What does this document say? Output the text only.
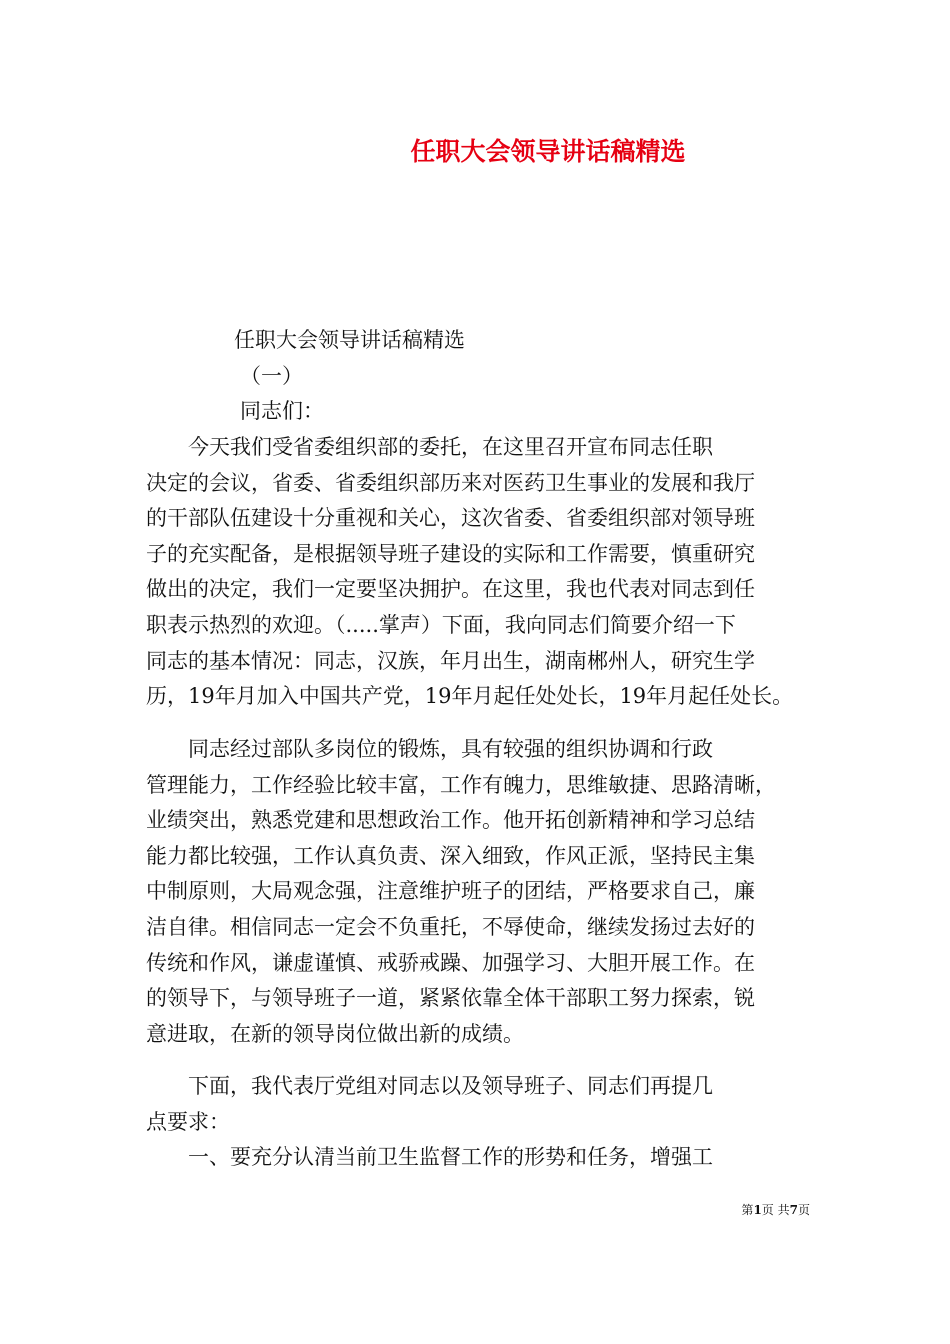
任职大会领导讲话稿精选
任职大会领导讲话稿精选
（一）
同志们：
　　今天我们受省委组织部的委托，在这里召开宣布同志任职
决定的会议，省委、省委组织部历来对医药卫生事业的发展和我厅
的干部队伍建设十分重视和关心，这次省委、省委组织部对领导班
子的充实配备，是根据领导班子建设的实际和工作需要，慎重研究
做出的决定，我们一定要坚决拥护。在这里，我也代表对同志到任
职表示热烈的欢迎。（.....掌声）下面，我向同志们简要介绍一下
同志的基本情况：同志，汉族，年月出生，湖南郴州人，研究生学
历，19年月加入中国共产党，19年月起任处处长，19年月起任处长。
　　同志经过部队多岗位的锻炼，具有较强的组织协调和行政
管理能力，工作经验比较丰富，工作有魄力，思维敏捷、思路清晰，
业绩突出，熟悉党建和思想政治工作。他开拓创新精神和学习总结
能力都比较强，工作认真负责、深入细致，作风正派，坚持民主集
中制原则，大局观念强，注意维护班子的团结，严格要求自己，廉
洁自律。相信同志一定会不负重托，不辱使命，继续发扬过去好的
传统和作风，谦虚谨慎、戒骄戒躁、加强学习、大胆开展工作。在
的领导下，与领导班子一道，紧紧依靠全体干部职工努力探索，锐
意进取，在新的领导岗位做出新的成绩。
　　下面，我代表厅党组对同志以及领导班子、同志们再提几
点要求：
　　一、要充分认清当前卫生监督工作的形势和任务，增强工
第1页 共7页
